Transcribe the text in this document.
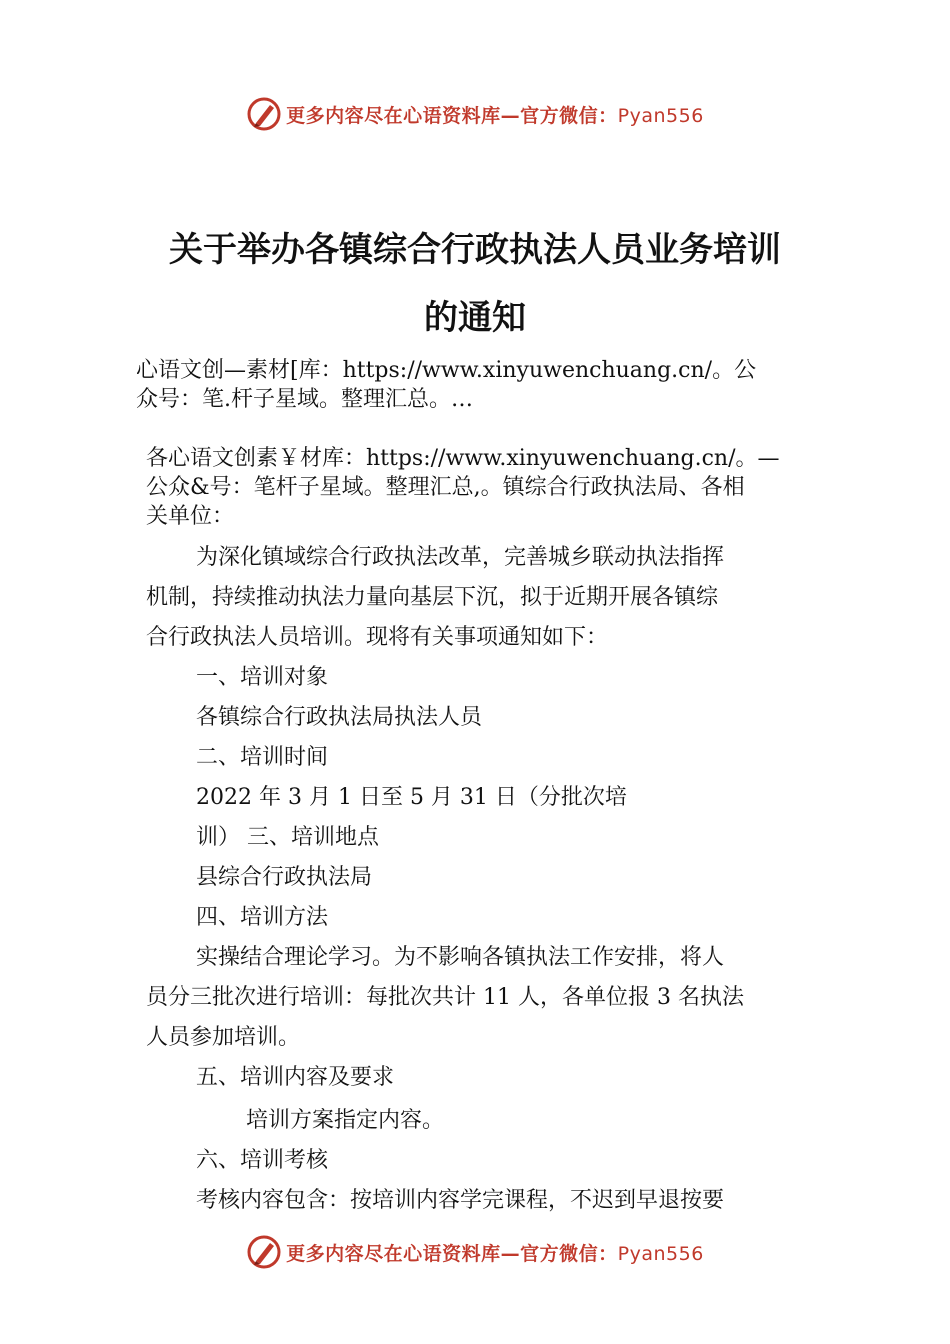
更多内容尽在心语资料库—官方微信：Pyan556
关于举办各镇综合行政执法人员业务培训
的通知
心语文创—素材[库：https://www.xinyuwenchuang.cn/。公
众号：笔.杆子星域。整理汇总。…
各心语文创素￥材库：https://www.xinyuwenchuang.cn/。—
公众&号：笔杆子星域。整理汇总,。镇综合行政执法局、各相
关单位：
为深化镇域综合行政执法改革，完善城乡联动执法指挥
机制，持续推动执法力量向基层下沉，拟于近期开展各镇综
合行政执法人员培训。现将有关事项通知如下：
一、培训对象
各镇综合行政执法局执法人员
二、培训时间
2022 年 3 月 1 日至 5 月 31 日（分批次培
训） 三、培训地点
县综合行政执法局
四、培训方法
实操结合理论学习。为不影响各镇执法工作安排，将人
员分三批次进行培训：每批次共计 11 人，各单位报 3 名执法
人员参加培训。
五、培训内容及要求
培训方案指定内容。
六、培训考核
考核内容包含：按培训内容学完课程，不迟到早退按要
更多内容尽在心语资料库—官方微信：Pyan556
